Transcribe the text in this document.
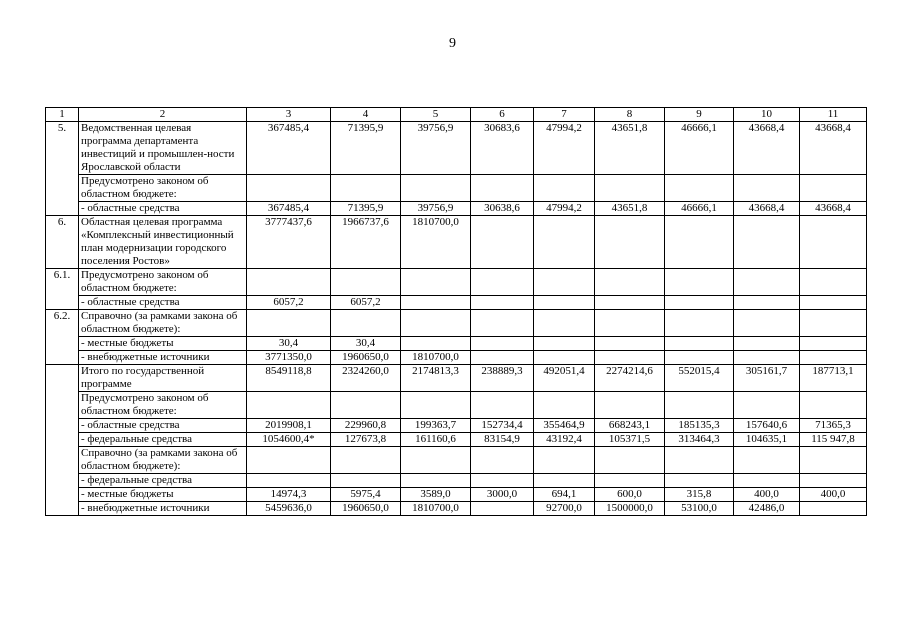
9
1	2	3	4	5	6	7	8	9	10	11
5.	Ведомственная целевая программа департамента инвестиций и промышлен-ности Ярославской области	367485,4	71395,9	39756,9	30683,6	47994,2	43651,8	46666,1	43668,4	43668,4
	Предусмотрено законом об областном бюджете:									
	- областные средства	367485,4	71395,9	39756,9	30638,6	47994,2	43651,8	46666,1	43668,4	43668,4
6.	Областная целевая программа «Комплексный инвестиционный план модернизации городского поселения Ростов»	3777437,6	1966737,6	1810700,0						
6.1.	Предусмотрено законом об областном бюджете:									
	- областные средства	6057,2	6057,2							
6.2.	Справочно (за рамками закона об областном бюджете):									
	- местные бюджеты	30,4	30,4							
	- внебюджетные источники	3771350,0	1960650,0	1810700,0						
	Итого по государственной программе	8549118,8	2324260,0	2174813,3	238889,3	492051,4	2274214,6	552015,4	305161,7	187713,1
	Предусмотрено законом об областном бюджете:									
	- областные средства	2019908,1	229960,8	199363,7	152734,4	355464,9	668243,1	185135,3	157640,6	71365,3
	- федеральные средства	1054600,4*	127673,8	161160,6	83154,9	43192,4	105371,5	313464,3	104635,1	115 947,8
	Справочно (за рамками закона об областном бюджете):									
	- федеральные средства									
	- местные бюджеты	14974,3	5975,4	3589,0	3000,0	694,1	600,0	315,8	400,0	400,0
	- внебюджетные источники	5459636,0	1960650,0	1810700,0		92700,0	1500000,0	53100,0	42486,0	
